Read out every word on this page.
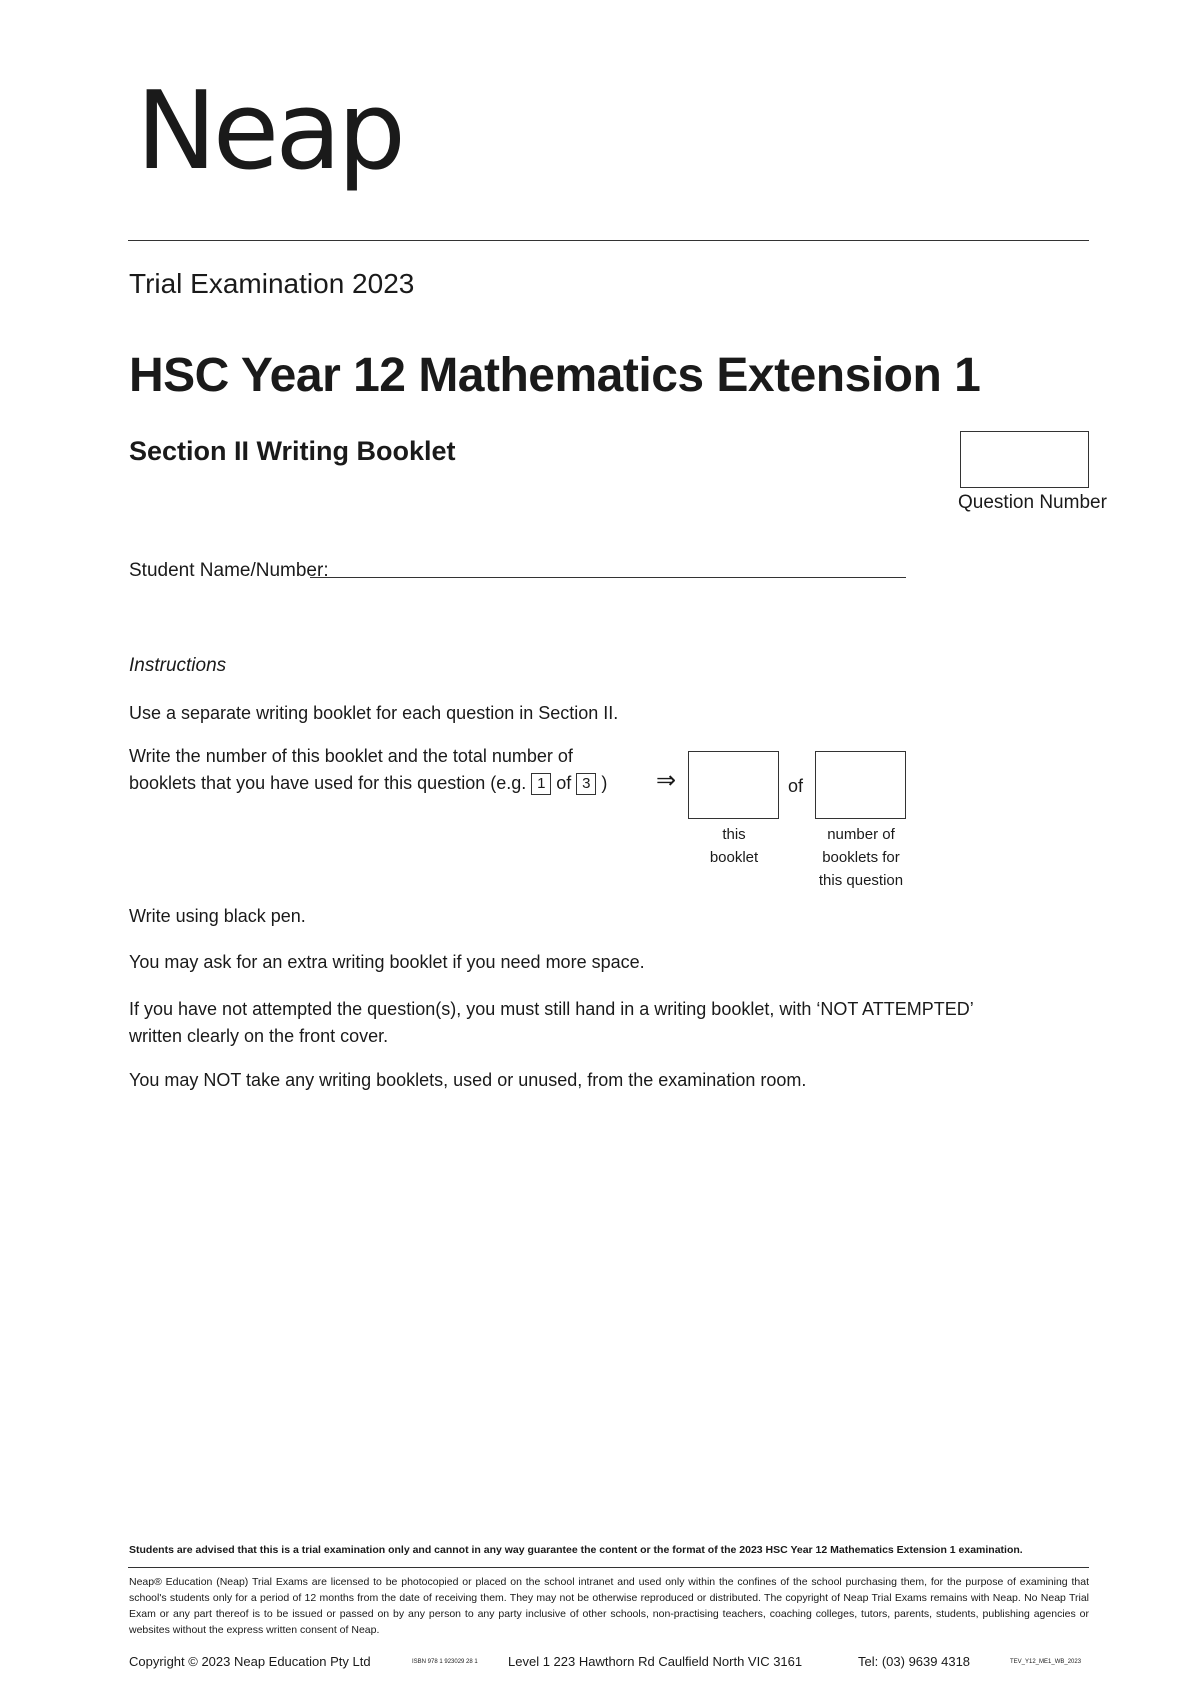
Neap
Trial Examination 2023
HSC Year 12 Mathematics Extension 1
Section II Writing Booklet
Question Number
Student Name/Number:
Instructions
Use a separate writing booklet for each question in Section II.
Write the number of this booklet and the total number of
booklets that you have used for this question (e.g. 1 of 3 ) ⇒	of
this
booklet
number of
booklets for
this question
Write using black pen.
You may ask for an extra writing booklet if you need more space.
If you have not attempted the question(s), you must still hand in a writing booklet, with ‘NOT ATTEMPTED’
written clearly on the front cover.
You may NOT take any writing booklets, used or unused, from the examination room.
Students are advised that this is a trial examination only and cannot in any way guarantee the content or the format of the 2023 HSC Year 12 Mathematics Extension 1 examination.
Neap® Education (Neap) Trial Exams are licensed to be photocopied or placed on the school intranet and used only within the confines of the school purchasing them, for the purpose of examining that school's students only for a period of 12 months from the date of receiving them. They may not be otherwise reproduced or distributed. The copyright of Neap Trial Exams remains with Neap. No Neap Trial Exam or any part thereof is to be issued or passed on by any person to any party inclusive of other schools, non-practising teachers, coaching colleges, tutors, parents, students, publishing agencies or websites without the express written consent of Neap.
Copyright © 2023 Neap Education Pty Ltd	ISBN 978 1 923029 28 1 Level 1 223 Hawthorn Rd Caulfield North VIC 3161	Tel: (03) 9639 4318	TEV_Y12_ME1_WB_2023
